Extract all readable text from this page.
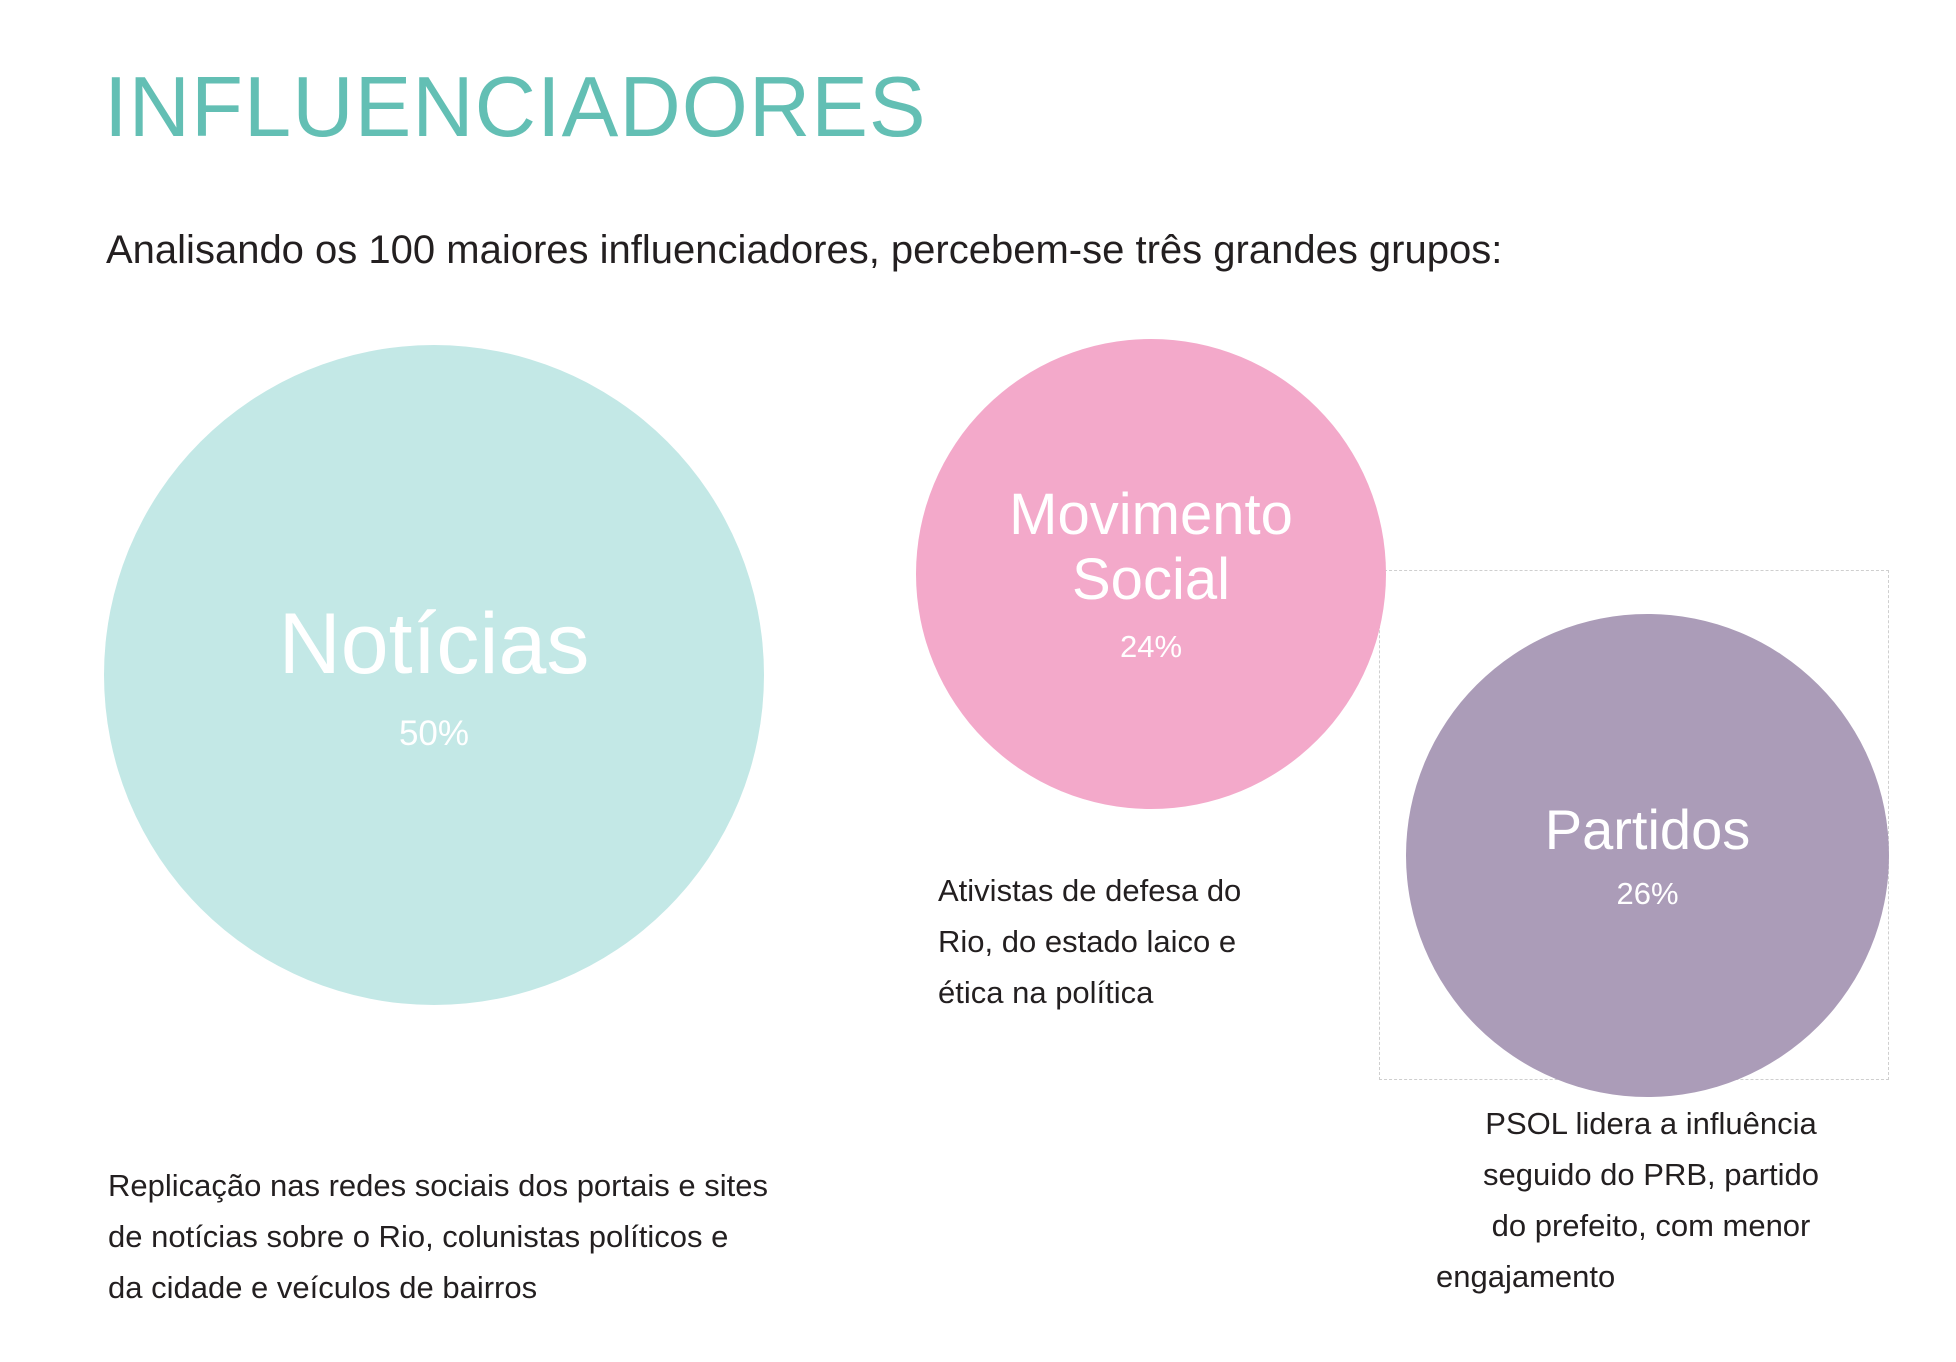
INFLUENCIADORES

Analisando os 100 maiores influenciadores, percebem-se três grandes grupos:

Notícias
50%
Movimento Social
24%
Partidos
26%
Replicação nas redes sociais dos portais e sites
de notícias sobre o Rio, colunistas políticos e
da cidade e veículos de bairros
Ativistas de defesa do
Rio, do estado laico e
ética na política
PSOL lidera a influência
seguido do PRB, partido
do prefeito, com menor
engajamento
